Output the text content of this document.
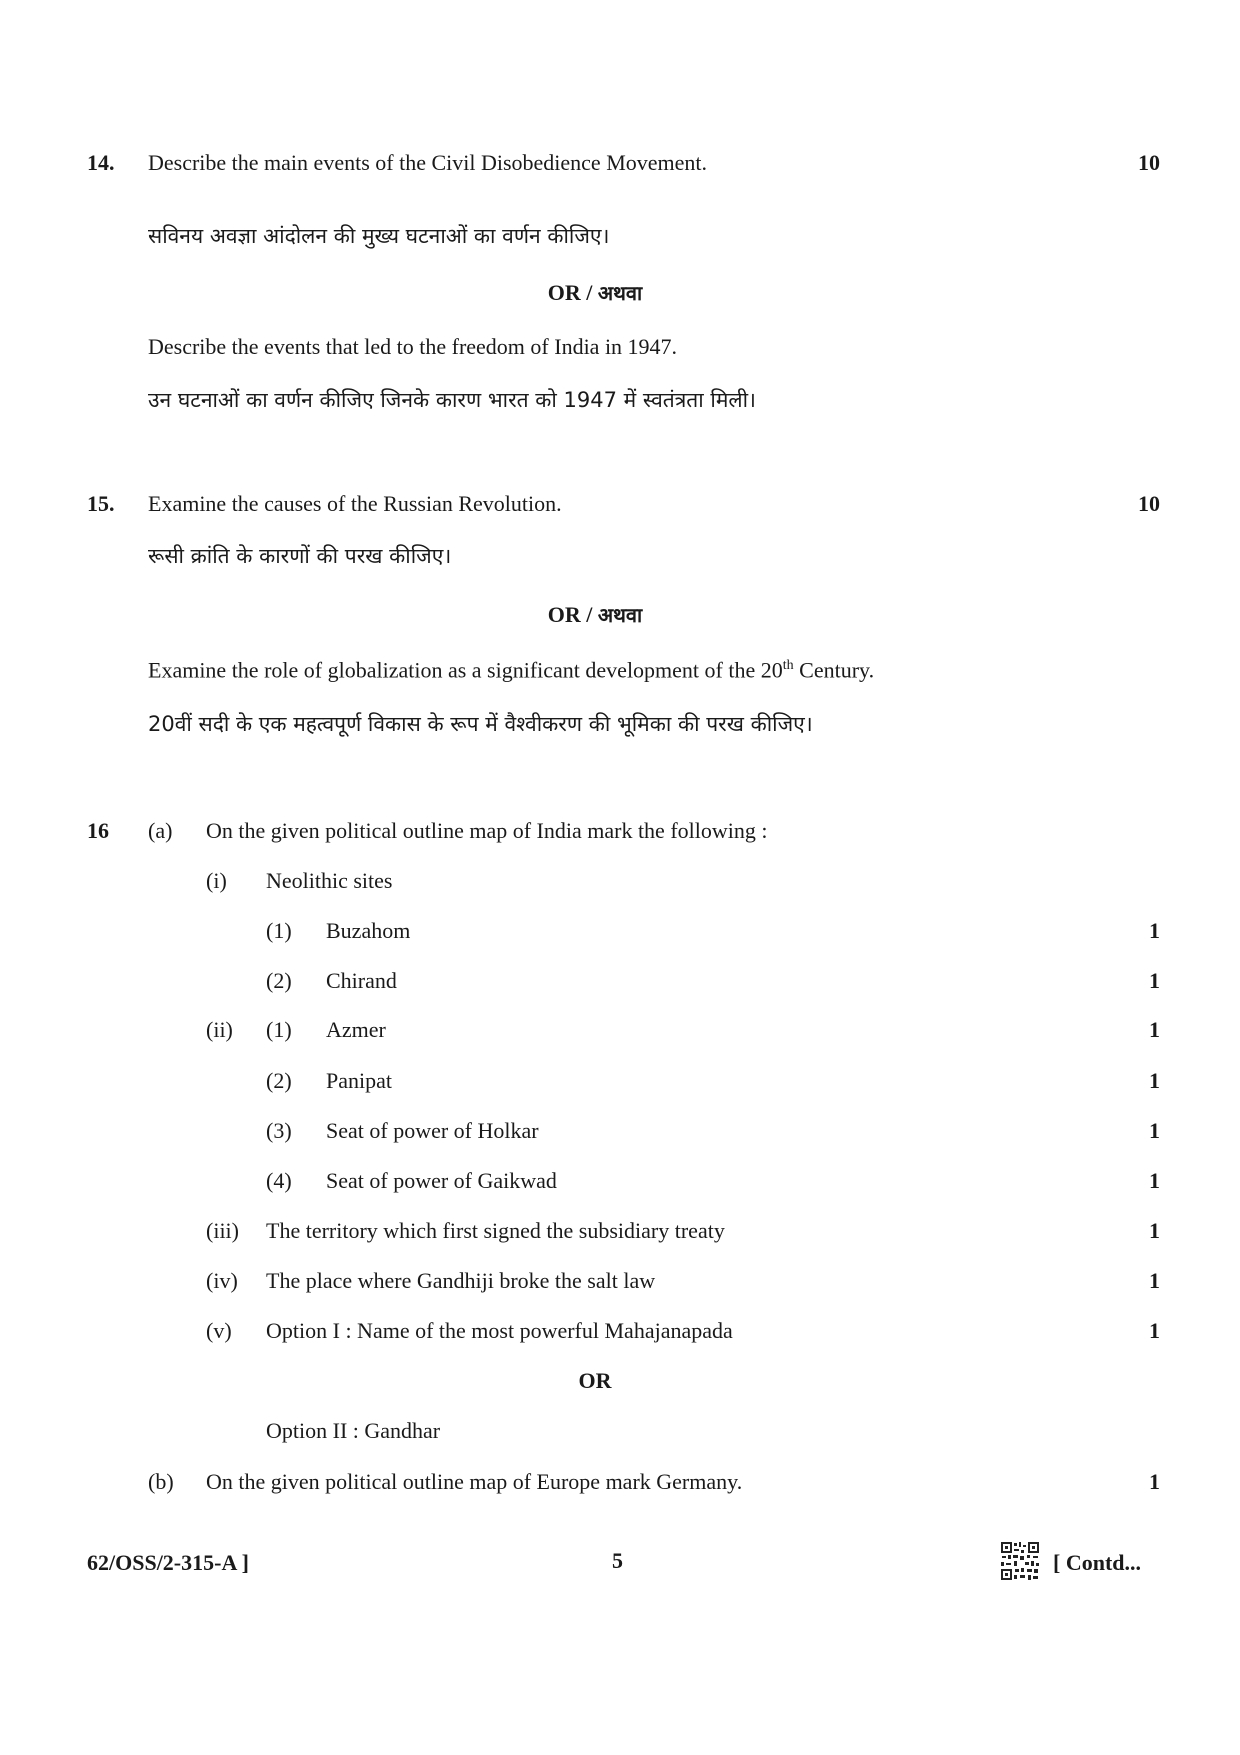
14. Describe the main events of the Civil Disobedience Movement.	10
सविनय अवज्ञा आंदोलन की मुख्य घटनाओं का वर्णन कीजिए।
OR / अथवा
Describe the events that led to the freedom of India in 1947.
उन घटनाओं का वर्णन कीजिए जिनके कारण भारत को 1947 में स्वतंत्रता मिली।
15. Examine the causes of the Russian Revolution.	10
रूसी क्रांति के कारणों की परख कीजिए।
OR / अथवा
Examine the role of globalization as a significant development of the 20th Century.
20वीं सदी के एक महत्वपूर्ण विकास के रूप में वैश्वीकरण की भूमिका की परख कीजिए।
16 (a) On the given political outline map of India mark the following :
(i) Neolithic sites
(1) Buzahom	1
(2) Chirand	1
(ii) (1) Azmer	1
(2) Panipat	1
(3) Seat of power of Holkar	1
(4) Seat of power of Gaikwad	1
(iii) The territory which first signed the subsidiary treaty	1
(iv) The place where Gandhiji broke the salt law	1
(v) Option I : Name of the most powerful Mahajanapada	1
OR
Option II : Gandhar
(b) On the given political outline map of Europe mark Germany.	1
62/OSS/2-315-A ]	5	[ Contd...
